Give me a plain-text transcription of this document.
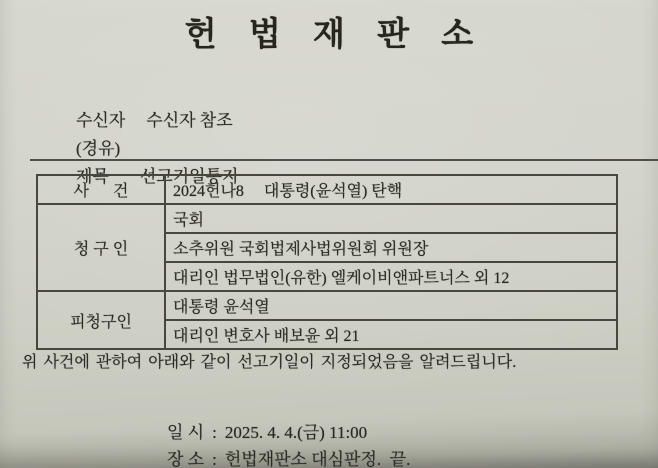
헌 법 재 판 소

수신자 수신자 참조

(경유)

제목 선고기일통지

사      건	2024헌나8     대통령(윤석열) 탄핵
청 구 인	국회
	소추위원 국회법제사법위원회 위원장
	대리인 법무법인(유한) 엘케이비앤파트너스 외 12
피청구인	대통령 윤석열
	대리인 변호사 배보윤 외 21

위 사건에 관하여 아래와 같이 선고기일이 지정되었음을 알려드립니다.

일 시 : 2025. 4. 4.(금) 11:00

장 소 : 헌법재판소 대심판정.  끝.
